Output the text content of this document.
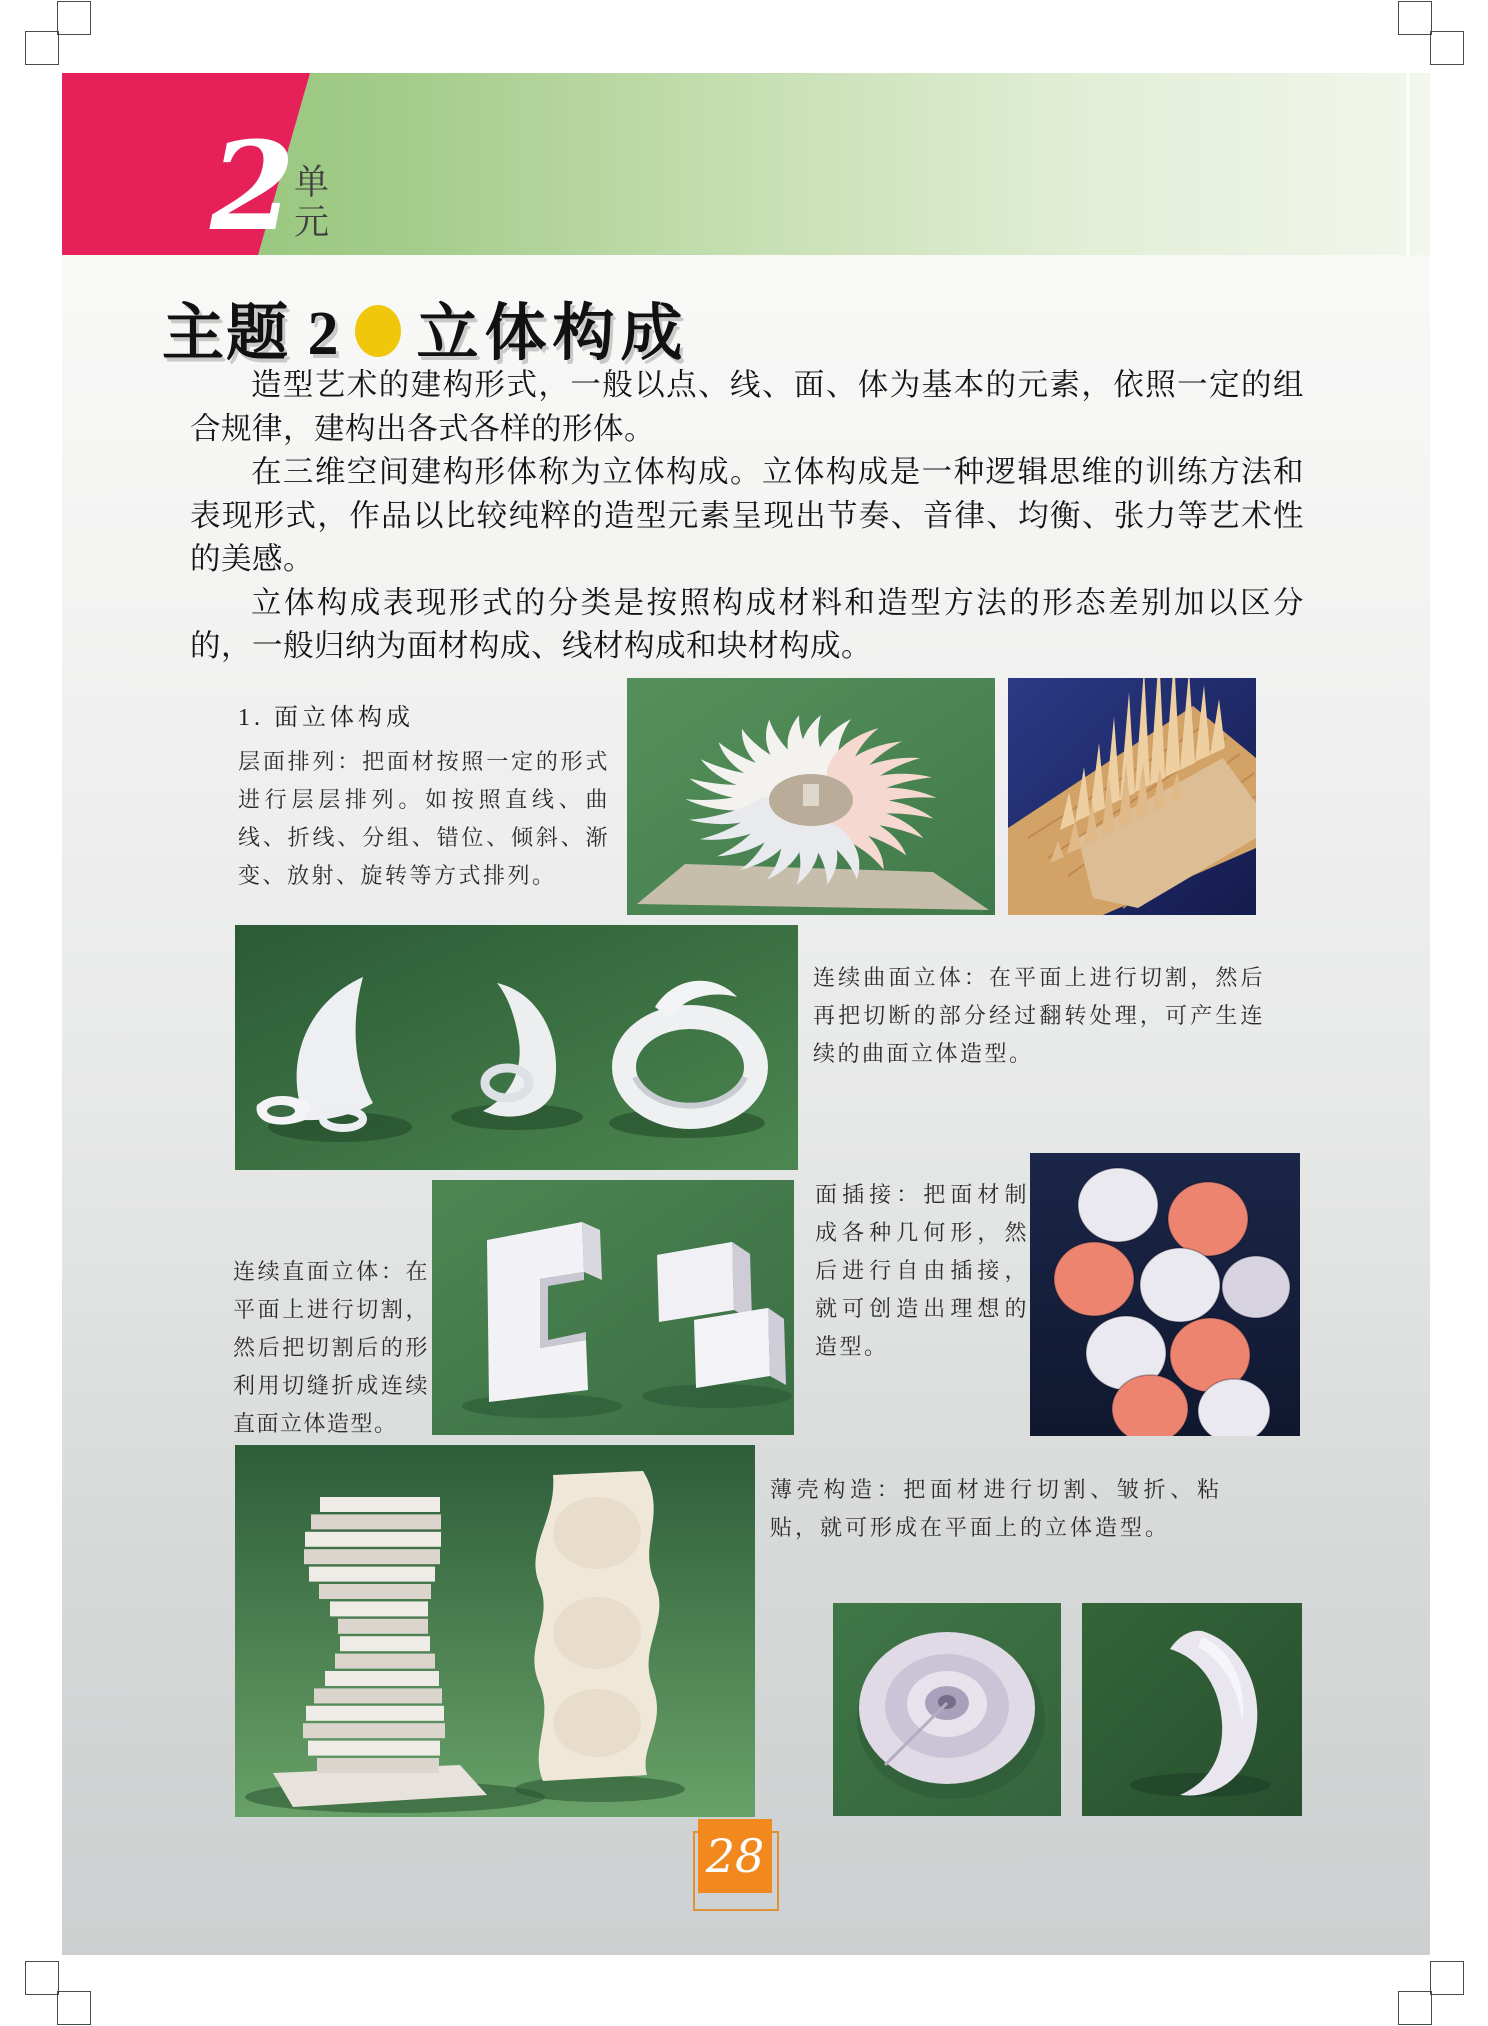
2 单元
主题 2 立体构成

造型艺术的建构形式，一般以点、线、面、体为基本的元素，依照一定的组合规律，建构出各式各样的形体。

在三维空间建构形体称为立体构成。立体构成是一种逻辑思维的训练方法和表现形式，作品以比较纯粹的造型元素呈现出节奏、音律、均衡、张力等艺术性的美感。

立体构成表现形式的分类是按照构成材料和造型方法的形态差别加以区分的，一般归纳为面材构成、线材构成和块材构成。

1. 面立体构成
层面排列：把面材按照一定的形式进行层层排列。如按照直线、曲线、折线、分组、错位、倾斜、渐变、放射、旋转等方式排列。
连续曲面立体：在平面上进行切割，然后再把切断的部分经过翻转处理，可产生连续的曲面立体造型。
连续直面立体：在平面上进行切割，然后把切割后的形利用切缝折成连续直面立体造型。
面插接：把面材制成各种几何形，然后进行自由插接，就可创造出理想的造型。
薄壳构造：把面材进行切割、皱折、粘贴，就可形成在平面上的立体造型。
28
